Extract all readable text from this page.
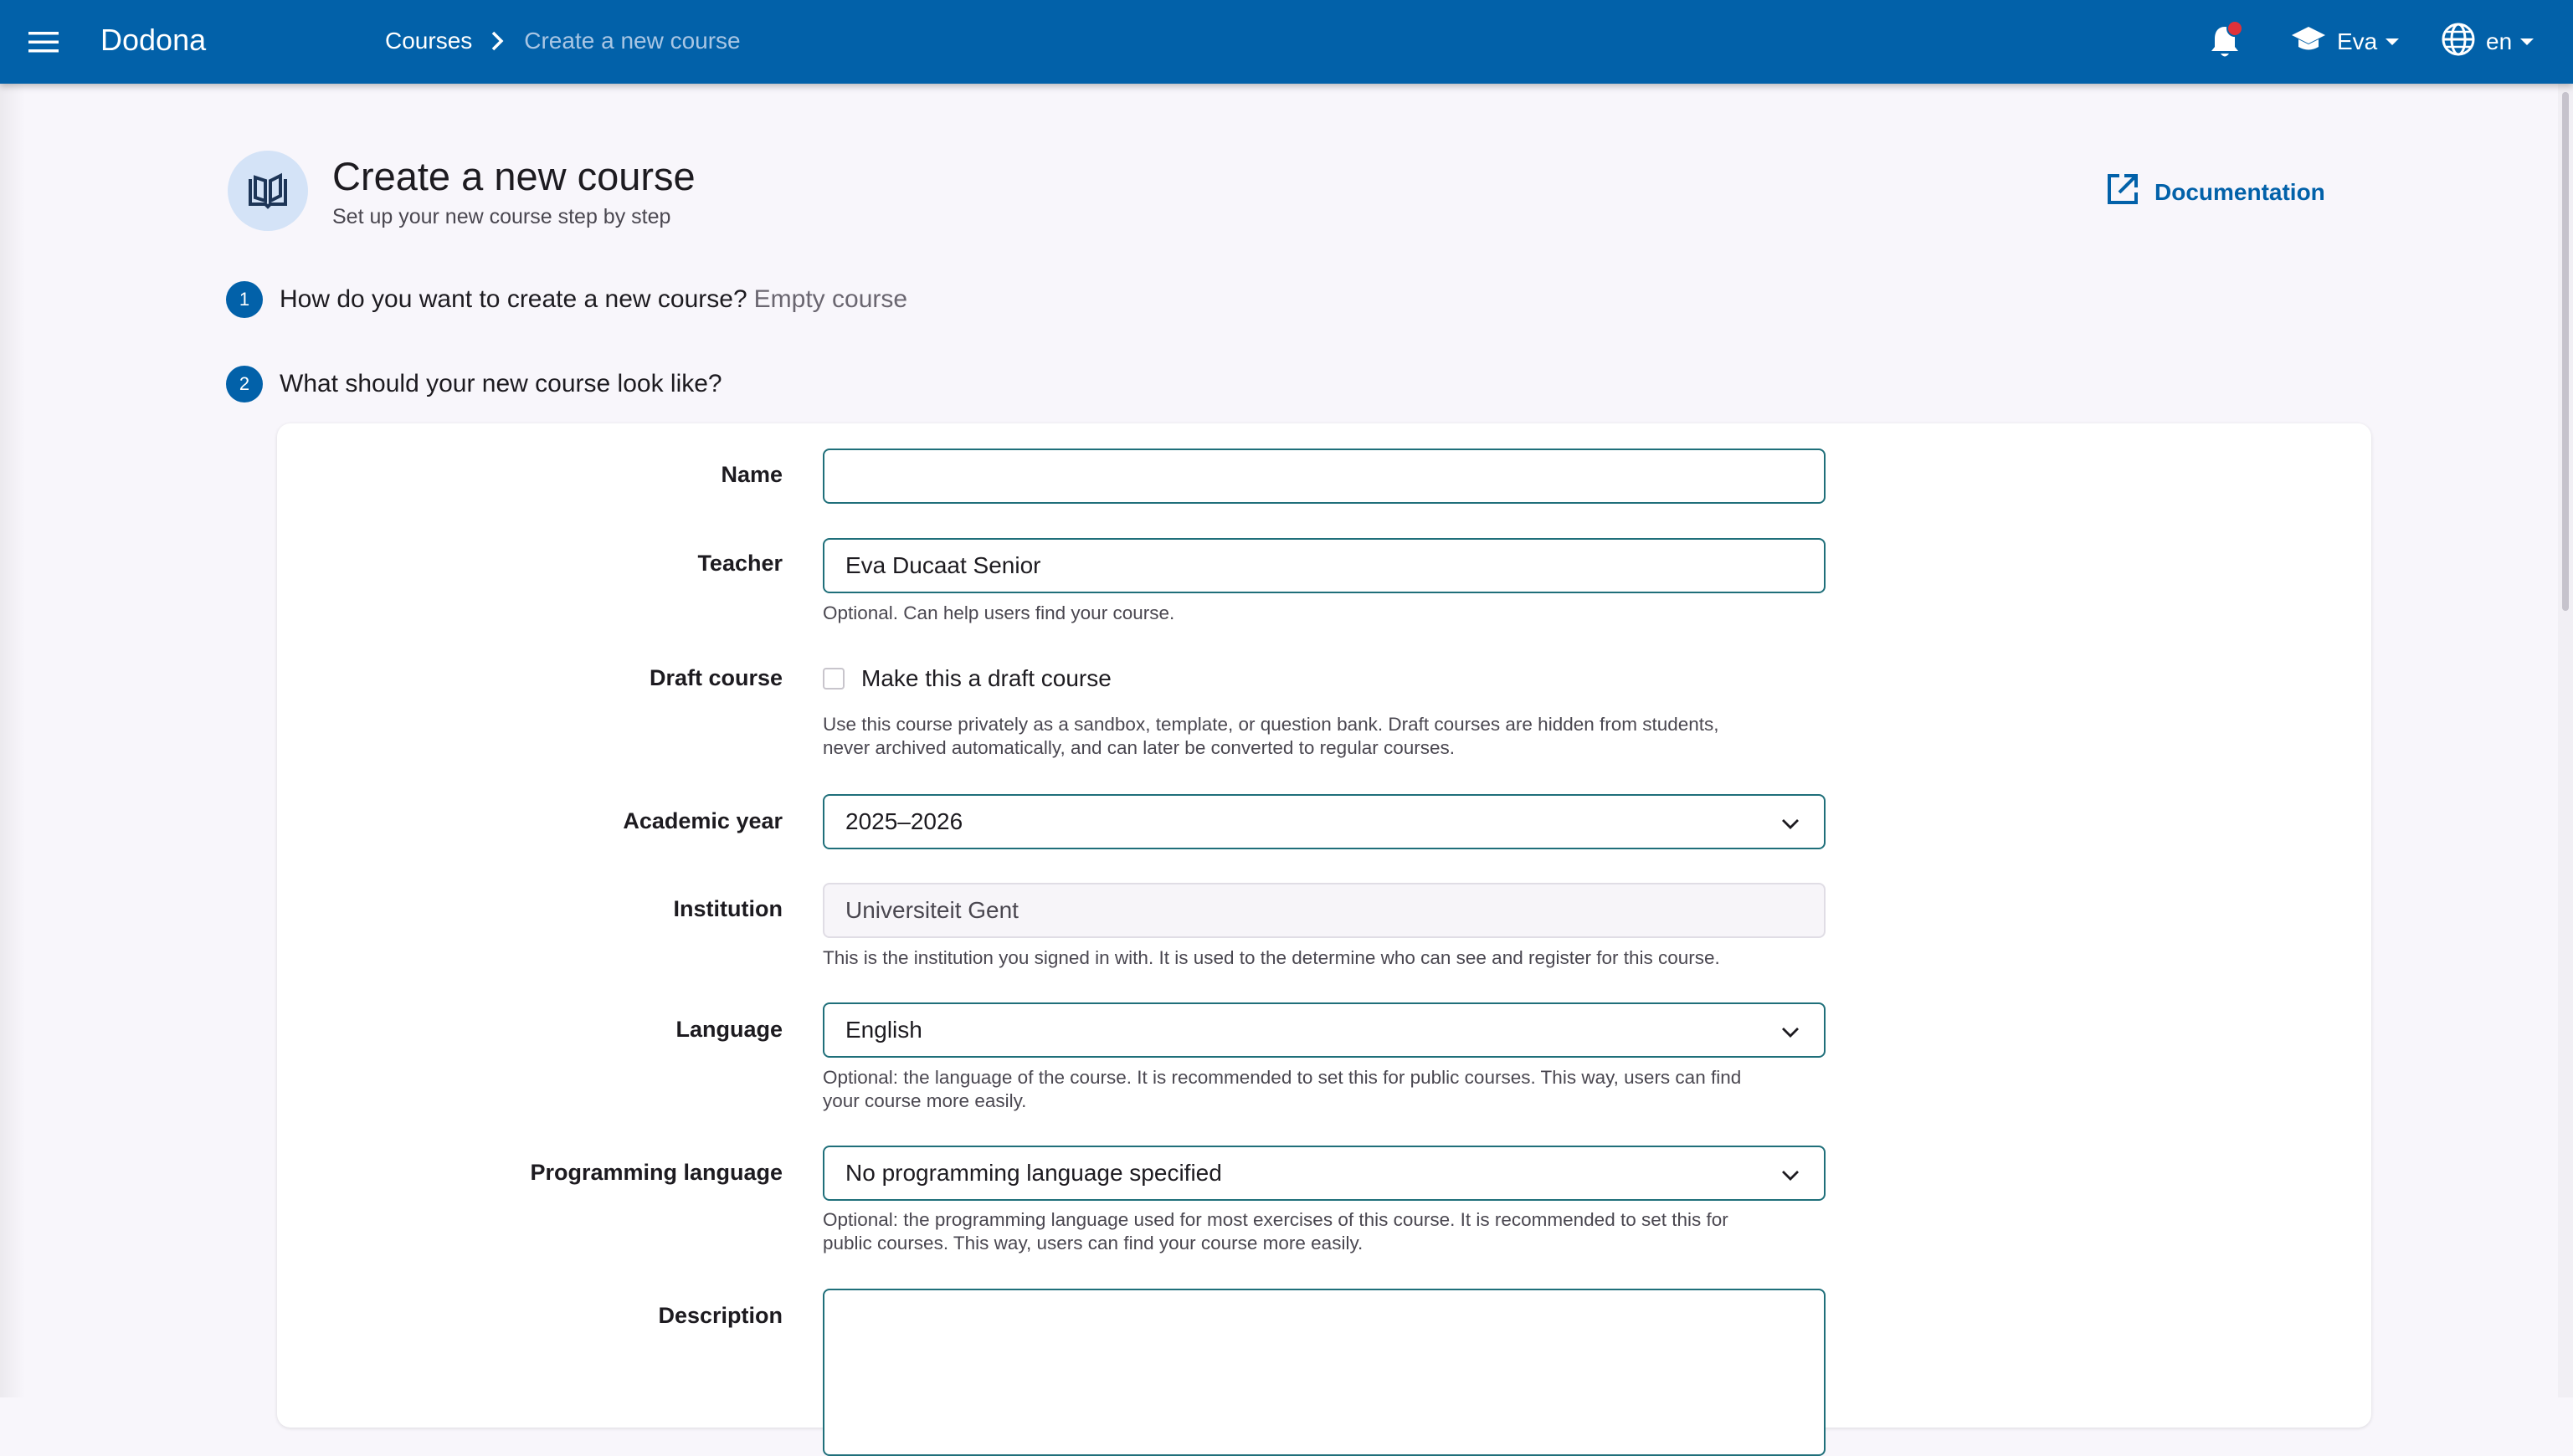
Dodona	Courses Create a new course	Eva	en
Create a new course
Set up your new course step by step
Documentation
1	How do you want to create a new course? Empty course
2	What should your new course look like?
Name
Teacher	Eva Ducaat Senior
Optional. Can help users find your course.
Draft course	Make this a draft course
Use this course privately as a sandbox, template, or question bank. Draft courses are hidden from students,
never archived automatically, and can later be converted to regular courses.
Academic year	2025–2026
Institution	Universiteit Gent
This is the institution you signed in with. It is used to the determine who can see and register for this course.
Language	English
Optional: the language of the course. It is recommended to set this for public courses. This way, users can find
your course more easily.
Programming language	No programming language specified
Optional: the programming language used for most exercises of this course. It is recommended to set this for
public courses. This way, users can find your course more easily.
Description
